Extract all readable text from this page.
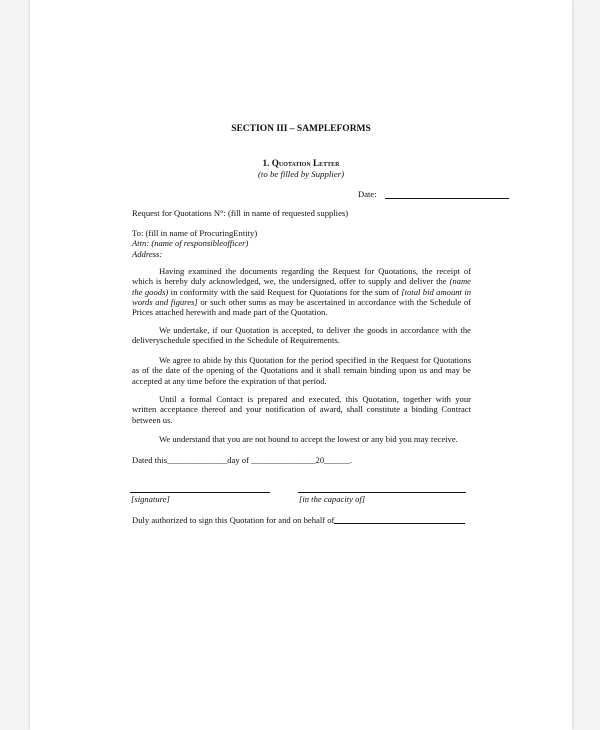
SECTION III – SAMPLEFORMS
1. Quotation Letter
(to be filled by Supplier)
Date:
Request for Quotations N°: (fill in name of requested supplies)
To: (fill in name of ProcuringEntity)
Attn: (name of responsibleofficer)
Address:
Having examined the documents regarding the Request for Quotations, the receipt of which is hereby duly acknowledged, we, the undersigned, offer to supply and deliver the (name the goods) in conformity with the said Request for Quotations for the sum of [total bid amount in words and figures] or such other sums as may be ascertained in accordance with the Schedule of Prices attached herewith and made part of the Quotation.
We undertake, if our Quotation is accepted, to deliver the goods in accordance with the deliveryschedule specified in the Schedule of Requirements.
We agree to abide by this Quotation for the period specified in the Request for Quotations as of the date of the opening of the Quotations and it shall remain binding upon us and may be accepted at any time before the expiration of that period.
Until a formal Contact is prepared and executed, this Quotation, together with your written acceptance thereof and your notification of award, shall constitute a binding Contract between us.
We understand that you are not bound to accept the lowest or any bid you may receive.
Dated this______________day of _______________20______.
[signature]	[in the capacity of]
Duly authorized to sign this Quotation for and on behalf of
